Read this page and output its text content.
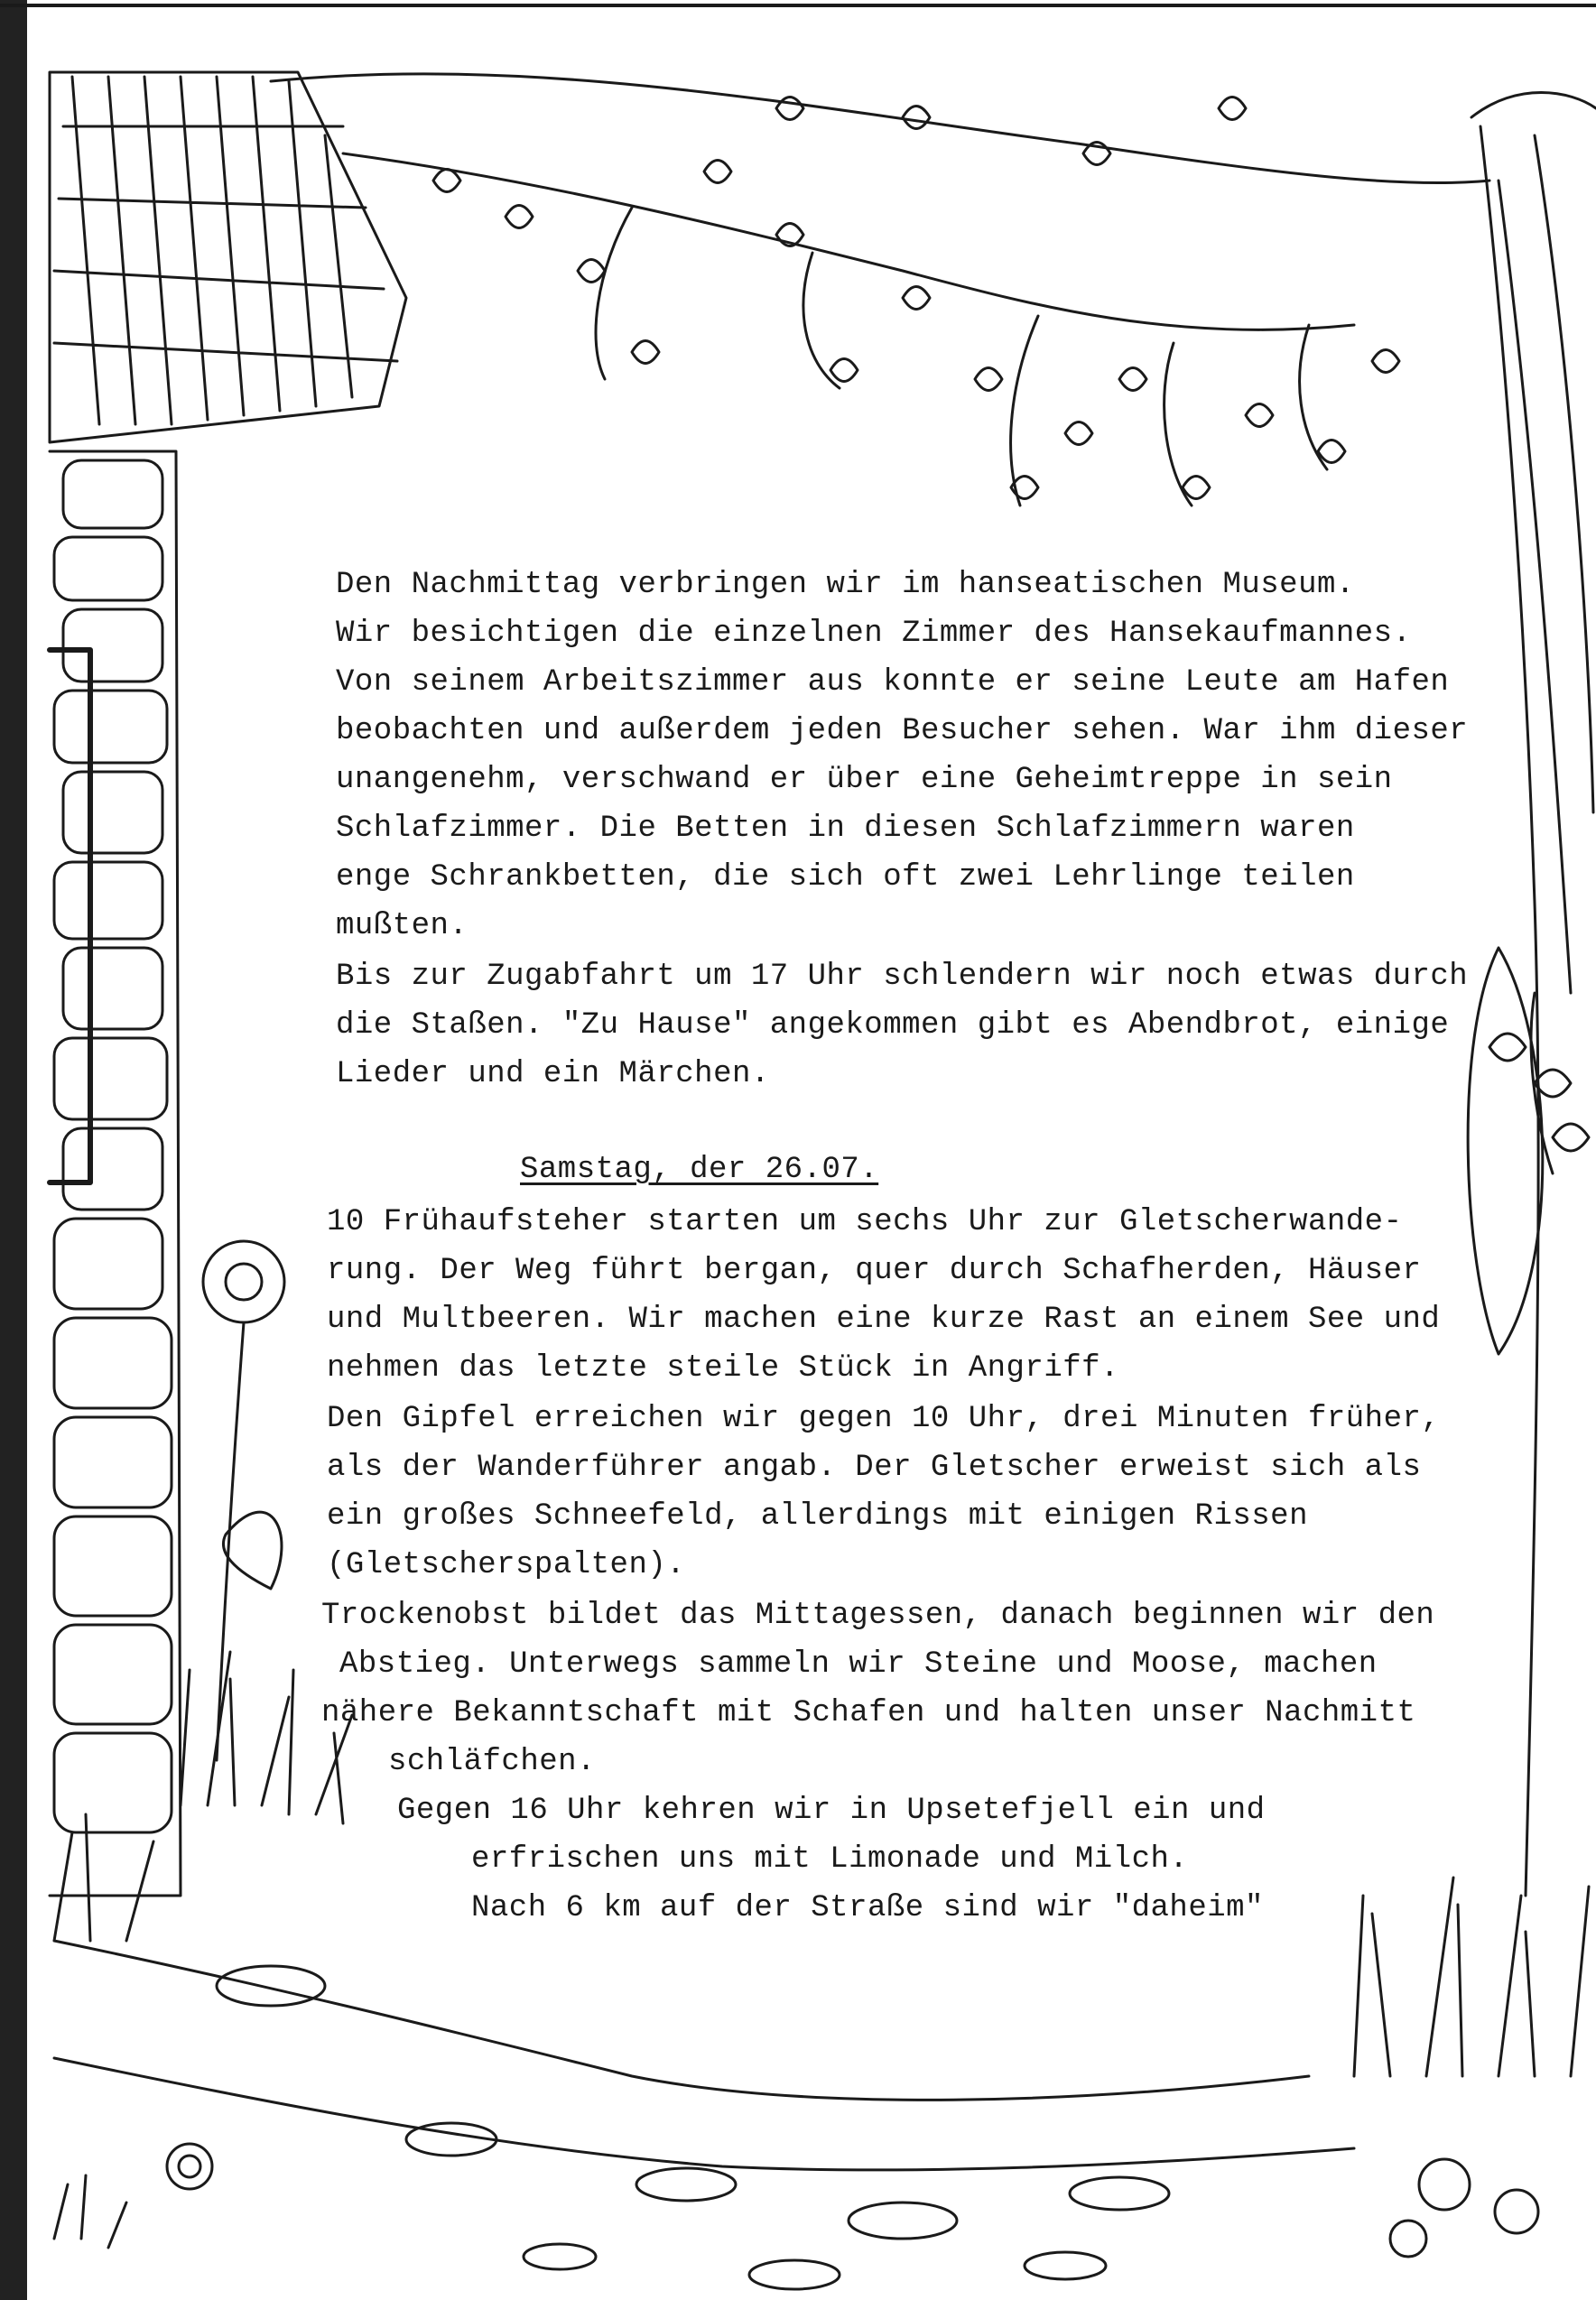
Den Nachmittag verbringen wir im hanseatischen Museum.

Wir besichtigen die einzelnen Zimmer des Hansekaufmannes.

Von seinem Arbeitszimmer aus konnte er seine Leute am Hafen

beobachten und außerdem jeden Besucher sehen. War ihm dieser

unangenehm, verschwand er über eine Geheimtreppe in sein

Schlafzimmer. Die Betten in diesen Schlafzimmern waren

enge Schrankbetten, die sich oft zwei Lehrlinge teilen

mußten.

Bis zur Zugabfahrt um 17 Uhr schlendern wir noch etwas durch

die Staßen. "Zu Hause" angekommen gibt es Abendbrot, einige

Lieder und ein Märchen.

Samstag, der 26.07.

10 Frühaufsteher starten um sechs Uhr zur Gletscherwande-

rung. Der Weg führt bergan, quer durch Schafherden, Häuser

und Multbeeren. Wir machen eine kurze Rast an einem See und

nehmen das letzte steile Stück in Angriff.

Den Gipfel erreichen wir gegen 10 Uhr, drei Minuten früher,

als der Wanderführer angab. Der Gletscher erweist sich als

ein großes Schneefeld, allerdings mit einigen Rissen

(Gletscherspalten).

Trockenobst bildet das Mittagessen, danach beginnen wir den

Abstieg. Unterwegs sammeln wir Steine und Moose, machen

nähere Bekanntschaft mit Schafen und halten unser Nachmitt

schläfchen.

Gegen 16 Uhr kehren wir in Upsetefjell ein und

erfrischen uns mit Limonade und Milch.

Nach 6 km auf der Straße sind wir "daheim"
